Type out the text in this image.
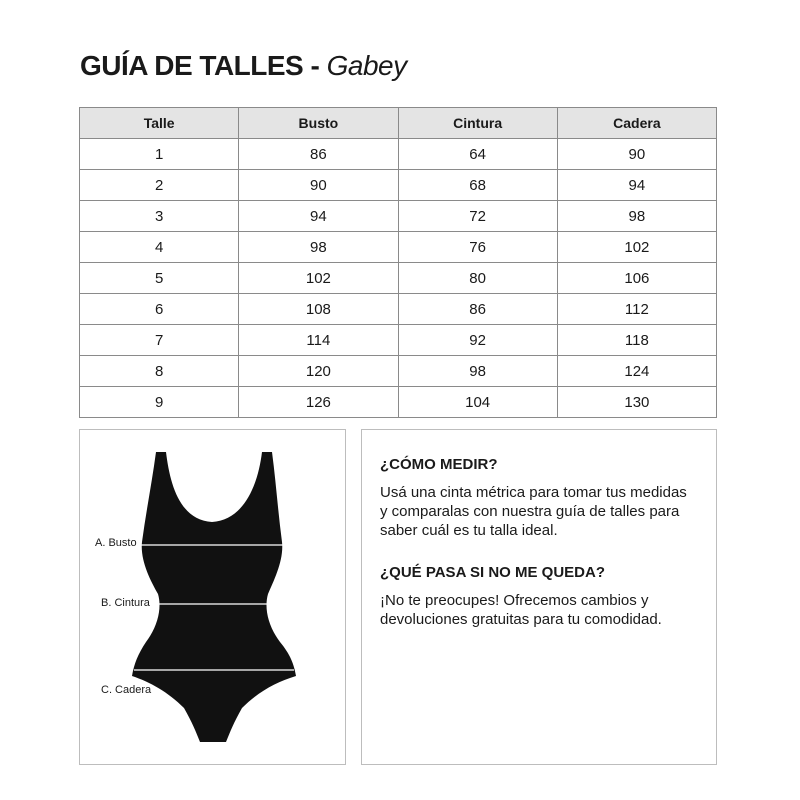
GUÍA DE TALLES - Gabey
Talle	Busto	Cintura	Cadera
1	86	64	90
2	90	68	94
3	94	72	98
4	98	76	102
5	102	80	106
6	108	86	112
7	114	92	118
8	120	98	124
9	126	104	130
A. Busto
B. Cintura
C. Cadera
¿CÓMO MEDIR?

Usá una cinta métrica para tomar tus medidas y comparalas con nuestra guía de talles para saber cuál es tu talla ideal.

¿QUÉ PASA SI NO ME QUEDA?

¡No te preocupes! Ofrecemos cambios y devoluciones gratuitas para tu comodidad.
